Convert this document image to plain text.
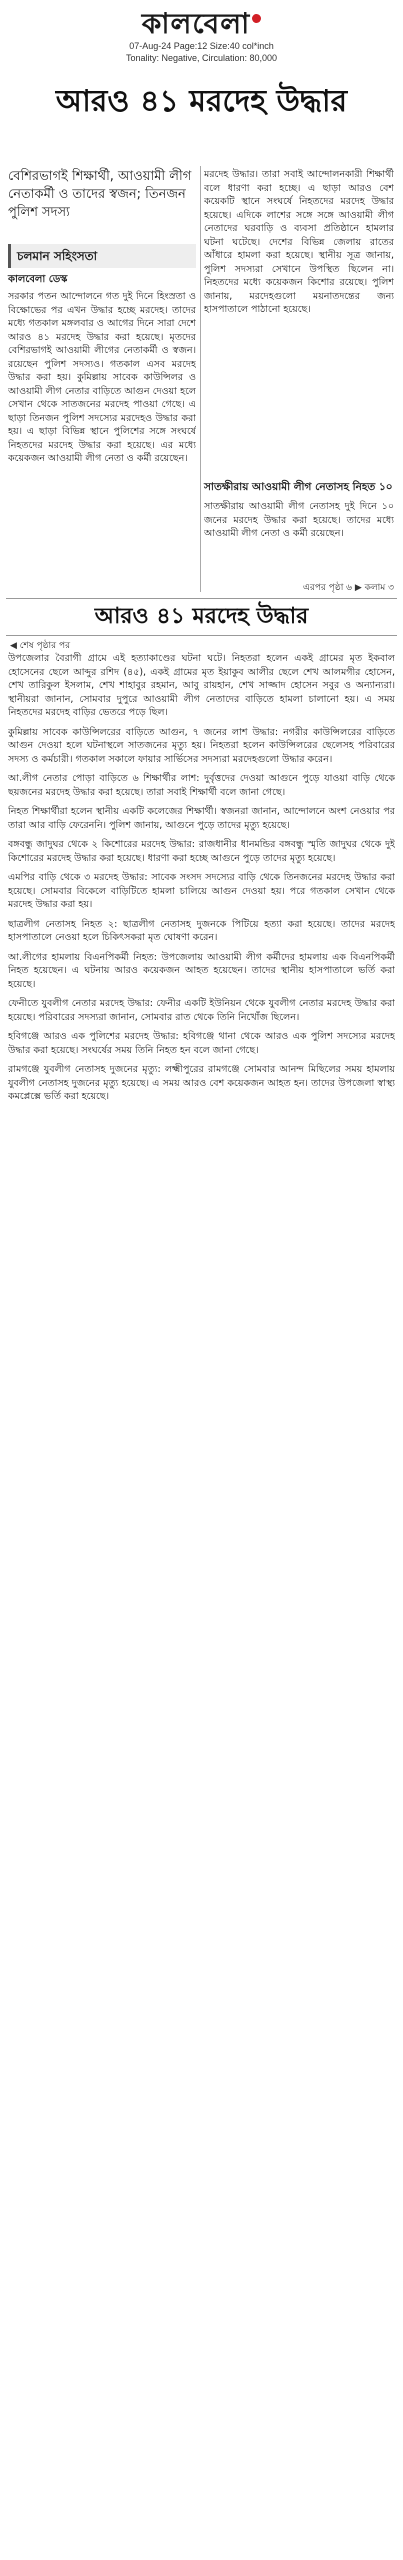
কালবেলা
07-Aug-24 Page:12 Size:40 col*inch
Tonality: Negative, Circulation: 80,000
আরও ৪১ মরদেহ উদ্ধার
বেশিরভাগই শিক্ষার্থী, আওয়ামী লীগ নেতাকর্মী ও তাদের স্বজন; তিনজন পুলিশ সদস্য
চলমান সহিংসতা
কালবেলা ডেস্ক

সরকার পতন আন্দোলনে গত দুই দিনে হিংস্রতা ও বিক্ষোভের পর এখন উদ্ধার হচ্ছে মরদেহ। তাদের মধ্যে গতকাল মঙ্গলবার ও আগের দিনে সারা দেশে আরও ৪১ মরদেহ উদ্ধার করা হয়েছে। মৃতদের বেশিরভাগই আওয়ামী লীগের নেতাকর্মী ও স্বজন। রয়েছেন পুলিশ সদস্যও। গতকাল এসব মরদেহ উদ্ধার করা হয়। কুমিল্লায় সাবেক কাউন্সিলর ও আওয়ামী লীগ নেতার বাড়িতে আগুন দেওয়া হলে সেখান থেকে সাতজনের মরদেহ পাওয়া গেছে। এ ছাড়া তিনজন পুলিশ সদস্যের মরদেহও উদ্ধার করা হয়। এ ছাড়া বিভিন্ন স্থানে পুলিশের সঙ্গে সংঘর্ষে নিহতদের মরদেহ উদ্ধার করা হয়েছে। এর মধ্যে কয়েকজন আওয়ামী লীগ নেতা ও কর্মী রয়েছেন।

মরদেহ উদ্ধার। তারা সবাই আন্দোলনকারী শিক্ষার্থী বলে ধারণা করা হচ্ছে। এ ছাড়া আরও বেশ কয়েকটি স্থানে সংঘর্ষে নিহতদের মরদেহ উদ্ধার হয়েছে। এদিকে লাশের সঙ্গে সঙ্গে আওয়ামী লীগ নেতাদের ঘরবাড়ি ও ব্যবসা প্রতিষ্ঠানে হামলার ঘটনা ঘটেছে। দেশের বিভিন্ন জেলায় রাতের আঁধারে হামলা করা হয়েছে। স্থানীয় সূত্র জানায়, পুলিশ সদস্যরা সেখানে উপস্থিত ছিলেন না। নিহতদের মধ্যে কয়েকজন কিশোর রয়েছে। পুলিশ জানায়, মরদেহগুলো ময়নাতদন্তের জন্য হাসপাতালে পাঠানো হয়েছে।

সাতক্ষীরায় আওয়ামী লীগ নেতাসহ নিহত ১০

সাতক্ষীরায় আওয়ামী লীগ নেতাসহ দুই দিনে ১০ জনের মরদেহ উদ্ধার করা হয়েছে। তাদের মধ্যে আওয়ামী লীগ নেতা ও কর্মী রয়েছেন।

এরপর পৃষ্ঠা ৬ ▶ কলাম ৩
আরও ৪১ মরদেহ উদ্ধার
◀ শেষ পৃষ্ঠার পর

উপজেলার বৈরাগী গ্রামে এই হত্যাকাণ্ডের ঘটনা ঘটে। নিহতরা হলেন একই গ্রামের মৃত ইকবাল হোসেনের ছেলে আব্দুর রশিদ (৪৫), একই গ্রামের মৃত ইয়াকুব আলীর ছেলে শেখ আলমগীর হোসেন, শেখ তারিকুল ইসলাম, শেখ শাহাবুর রহমান, আবু রায়হান, শেখ সাজ্জাদ হোসেন সবুর ও অন্যান্যরা। স্থানীয়রা জানান, সোমবার দুপুরে আওয়ামী লীগ নেতাদের বাড়িতে হামলা চালানো হয়। এ সময় নিহতদের মরদেহ বাড়ির ভেতরে পড়ে ছিল।

কুমিল্লায় সাবেক কাউন্সিলরের বাড়িতে আগুন, ৭ জনের লাশ উদ্ধার: নগরীর কাউন্সিলরের বাড়িতে আগুন দেওয়া হলে ঘটনাস্থলে সাতজনের মৃত্যু হয়। নিহতরা হলেন কাউন্সিলরের ছেলেসহ পরিবারের সদস্য ও কর্মচারী। গতকাল সকালে ফায়ার সার্ভিসের সদস্যরা মরদেহগুলো উদ্ধার করেন।

আ.লীগ নেতার পোড়া বাড়িতে ৬ শিক্ষার্থীর লাশ: দুর্বৃত্তদের দেওয়া আগুনে পুড়ে যাওয়া বাড়ি থেকে ছয়জনের মরদেহ উদ্ধার করা হয়েছে। তারা সবাই শিক্ষার্থী বলে জানা গেছে।

নিহত শিক্ষার্থীরা হলেন স্থানীয় একটি কলেজের শিক্ষার্থী। স্বজনরা জানান, আন্দোলনে অংশ নেওয়ার পর তারা আর বাড়ি ফেরেননি। পুলিশ জানায়, আগুনে পুড়ে তাদের মৃত্যু হয়েছে।

বঙ্গবন্ধু জাদুঘর থেকে ২ কিশোরের মরদেহ উদ্ধার: রাজধানীর ধানমন্ডির বঙ্গবন্ধু স্মৃতি জাদুঘর থেকে দুই কিশোরের মরদেহ উদ্ধার করা হয়েছে। ধারণা করা হচ্ছে আগুনে পুড়ে তাদের মৃত্যু হয়েছে।

এমপির বাড়ি থেকে ৩ মরদেহ উদ্ধার: সাবেক সংসদ সদস্যের বাড়ি থেকে তিনজনের মরদেহ উদ্ধার করা হয়েছে। সোমবার বিকেলে বাড়িটিতে হামলা চালিয়ে আগুন দেওয়া হয়। পরে গতকাল সেখান থেকে মরদেহ উদ্ধার করা হয়।

ছাত্রলীগ নেতাসহ নিহত ২: ছাত্রলীগ নেতাসহ দুজনকে পিটিয়ে হত্যা করা হয়েছে। তাদের মরদেহ হাসপাতালে নেওয়া হলে চিকিৎসকরা মৃত ঘোষণা করেন।

আ.লীগের হামলায় বিএনপিকর্মী নিহত: উপজেলায় আওয়ামী লীগ কর্মীদের হামলায় এক বিএনপিকর্মী নিহত হয়েছেন। এ ঘটনায় আরও কয়েকজন আহত হয়েছেন। তাদের স্থানীয় হাসপাতালে ভর্তি করা হয়েছে।

ফেনীতে যুবলীগ নেতার মরদেহ উদ্ধার: ফেনীর একটি ইউনিয়ন থেকে যুবলীগ নেতার মরদেহ উদ্ধার করা হয়েছে। পরিবারের সদস্যরা জানান, সোমবার রাত থেকে তিনি নিখোঁজ ছিলেন।

হবিগঞ্জে আরও এক পুলিশের মরদেহ উদ্ধার: হবিগঞ্জে থানা থেকে আরও এক পুলিশ সদস্যের মরদেহ উদ্ধার করা হয়েছে। সংঘর্ষের সময় তিনি নিহত হন বলে জানা গেছে।

রামগঞ্জে যুবলীগ নেতাসহ দুজনের মৃত্যু: লক্ষ্মীপুরের রামগঞ্জে সোমবার আনন্দ মিছিলের সময় হামলায় যুবলীগ নেতাসহ দুজনের মৃত্যু হয়েছে। এ সময় আরও বেশ কয়েকজন আহত হন। তাদের উপজেলা স্বাস্থ্য কমপ্লেক্সে ভর্তি করা হয়েছে।
